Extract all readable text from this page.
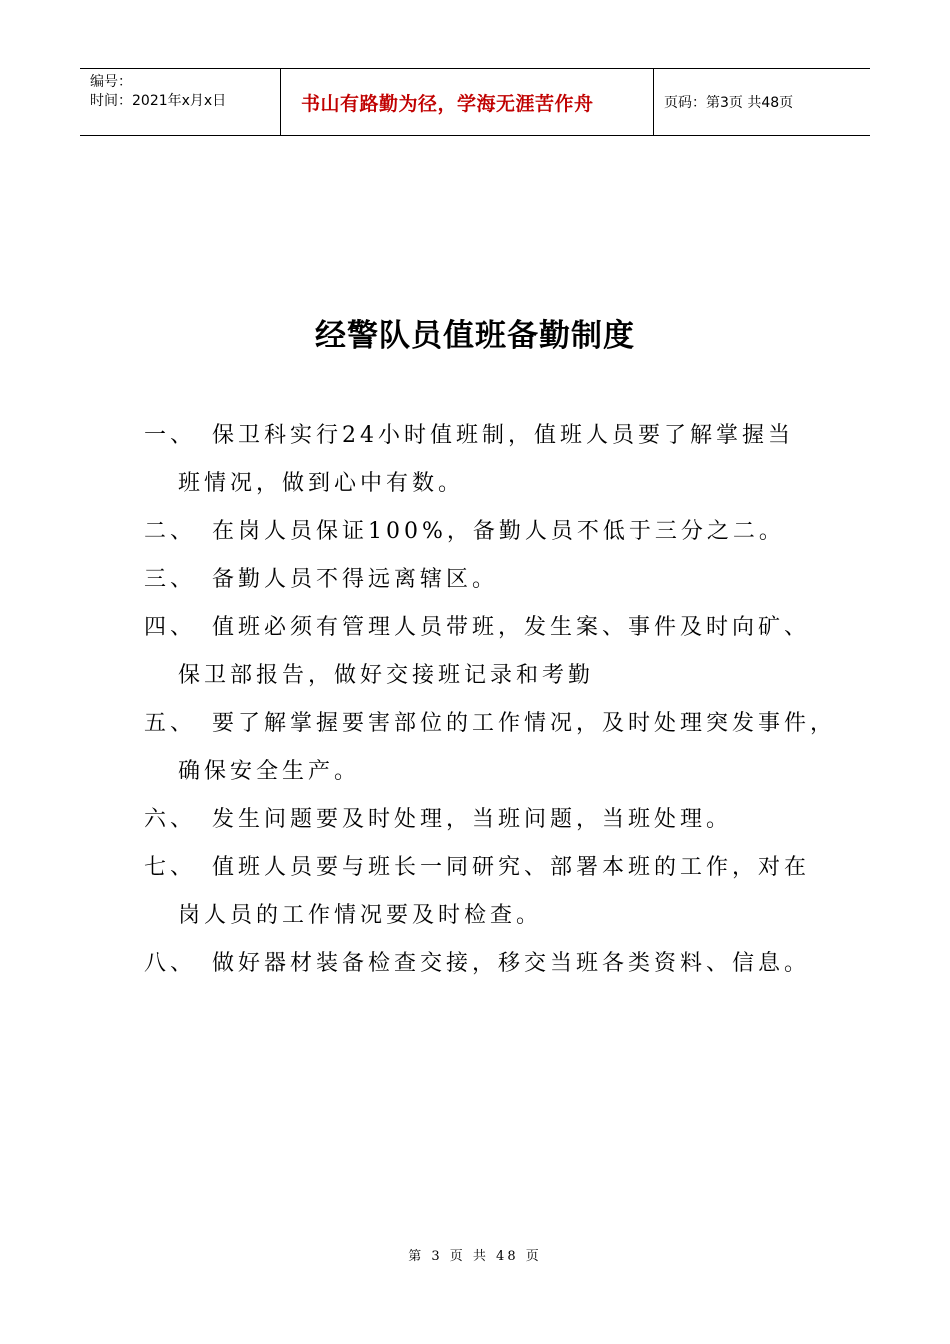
编号：
时间：2021年x月x日	书山有路勤为径，学海无涯苦作舟	页码：第3页 共48页
经警队员值班备勤制度
一、 保卫科实行24小时值班制，值班人员要了解掌握当
班情况，做到心中有数。
二、 在岗人员保证100%，备勤人员不低于三分之二。
三、 备勤人员不得远离辖区。
四、 值班必须有管理人员带班，发生案、事件及时向矿、
保卫部报告，做好交接班记录和考勤
五、 要了解掌握要害部位的工作情况，及时处理突发事件，
确保安全生产。
六、 发生问题要及时处理，当班问题，当班处理。
七、 值班人员要与班长一同研究、部署本班的工作，对在
岗人员的工作情况要及时检查。
八、 做好器材装备检查交接，移交当班各类资料、信息。
第 3 页 共 48 页
